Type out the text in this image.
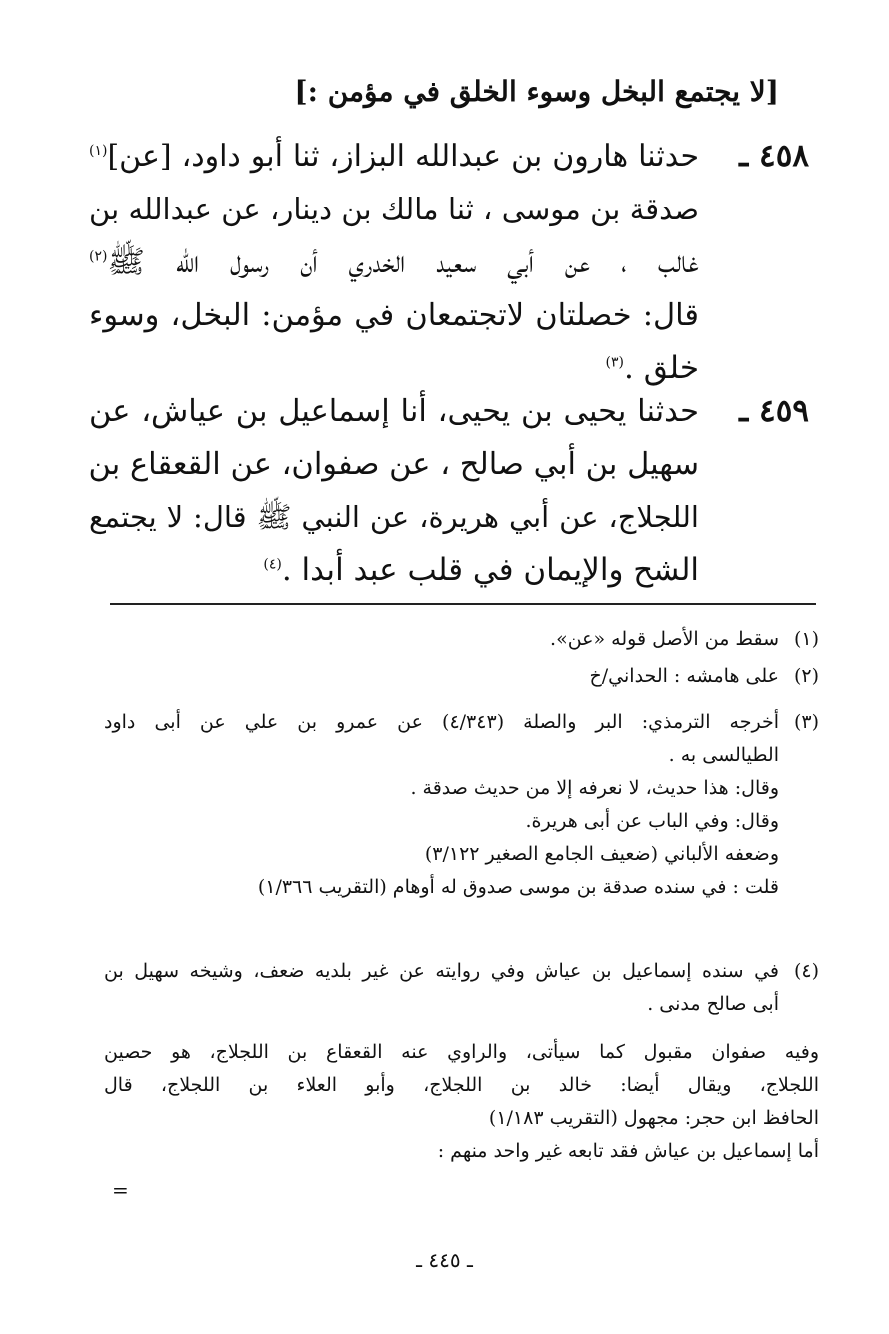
[لا يجتمع البخل وسوء الخلق في مؤمن :]
٤٥٨ ـ
حدثنا هارون بن عبدالله البزاز، ثنا أبو داود، [عن]$^{(١)}$
صدقة بن موسى ، ثنا مالك بن دينار، عن عبدالله بن
غالب ، عن أبي سعيد الخدري أن رسول الله ﷺ$^{(٢)}$
قال: خصلتان لاتجتمعان في مؤمن: البخل، وسوء
خلق .$^{(٣)}$
٤٥٩ ـ
حدثنا يحيى بن يحيى، أنا إسماعيل بن عياش، عن
سهيل بن أبي صالح ، عن صفوان، عن القعقاع بن
اللجلاج، عن أبي هريرة، عن النبي ﷺ قال: لا يجتمع
الشح والإيمان في قلب عبد أبدا .$^{(٤)}$
(١)
سقط من الأصل قوله «عن».
(٢)
على هامشه : الحداني/خ
(٣)
أخرجه الترمذي: البر والصلة (٤/٣٤٣) عن عمرو بن علي عن أبى داود
الطيالسى به .
وقال: هذا حديث، لا نعرفه إلا من حديث صدقة .
وقال: وفي الباب عن أبى هريرة.
وضعفه الألباني (ضعيف الجامع الصغير ٣/١٢٢)
قلت : في سنده صدقة بن موسى صدوق له أوهام (التقريب ١/٣٦٦)
(٤)
في سنده إسماعيل بن عياش وفي روايته عن غير بلديه ضعف، وشيخه سهيل بن
أبى صالح مدنى .
وفيه صفوان مقبول كما سيأتى، والراوي عنه القعقاع بن اللجلاج، هو حصين
اللجلاج، ويقال أيضا: خالد بن اللجلاج، وأبو العلاء بن اللجلاج، قال
الحافظ ابن حجر: مجهول (التقريب ١/١٨٣)
أما إسماعيل بن عياش فقد تابعه غير واحد منهم :
=
ـ ٤٤٥ ـ
